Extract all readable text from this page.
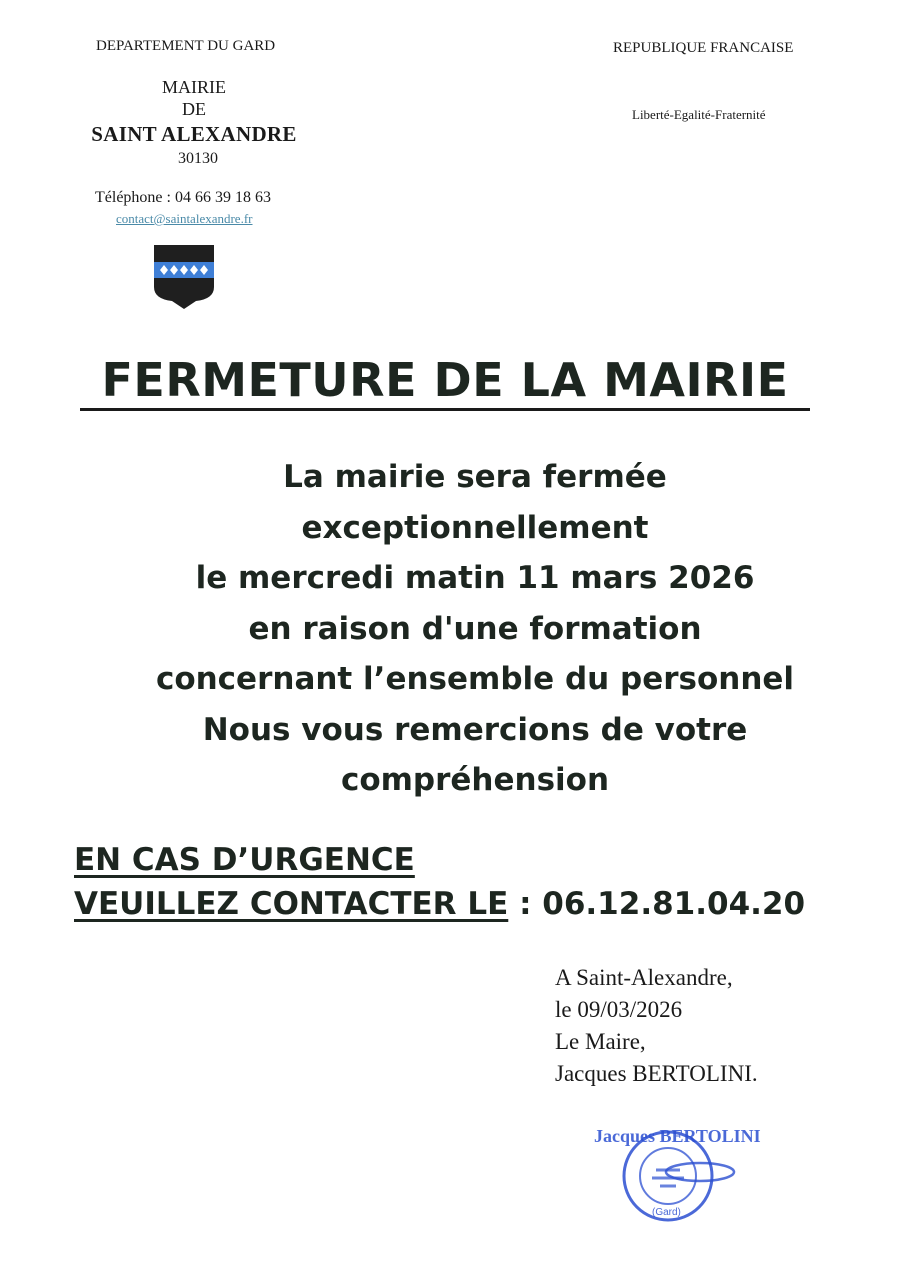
DEPARTEMENT DU GARD	REPUBLIQUE FRANCAISE
Liberté-Egalité-Fraternité
MAIRIE
DE
SAINT ALEXANDRE
30130
Téléphone : 04 66 39 18 63
contact@saintalexandre.fr
FERMETURE DE LA MAIRIE
La mairie sera fermée
exceptionnellement
le mercredi matin 11 mars 2026
en raison d'une formation
concernant l’ensemble du personnel
Nous vous remercions de votre
compréhension
EN CAS D’URGENCE
VEUILLEZ CONTACTER LE : 06.12.81.04.20
A Saint-Alexandre,
le 09/03/2026
Le Maire,
Jacques BERTOLINI.
Jacques BERTOLINI
(Gard)
